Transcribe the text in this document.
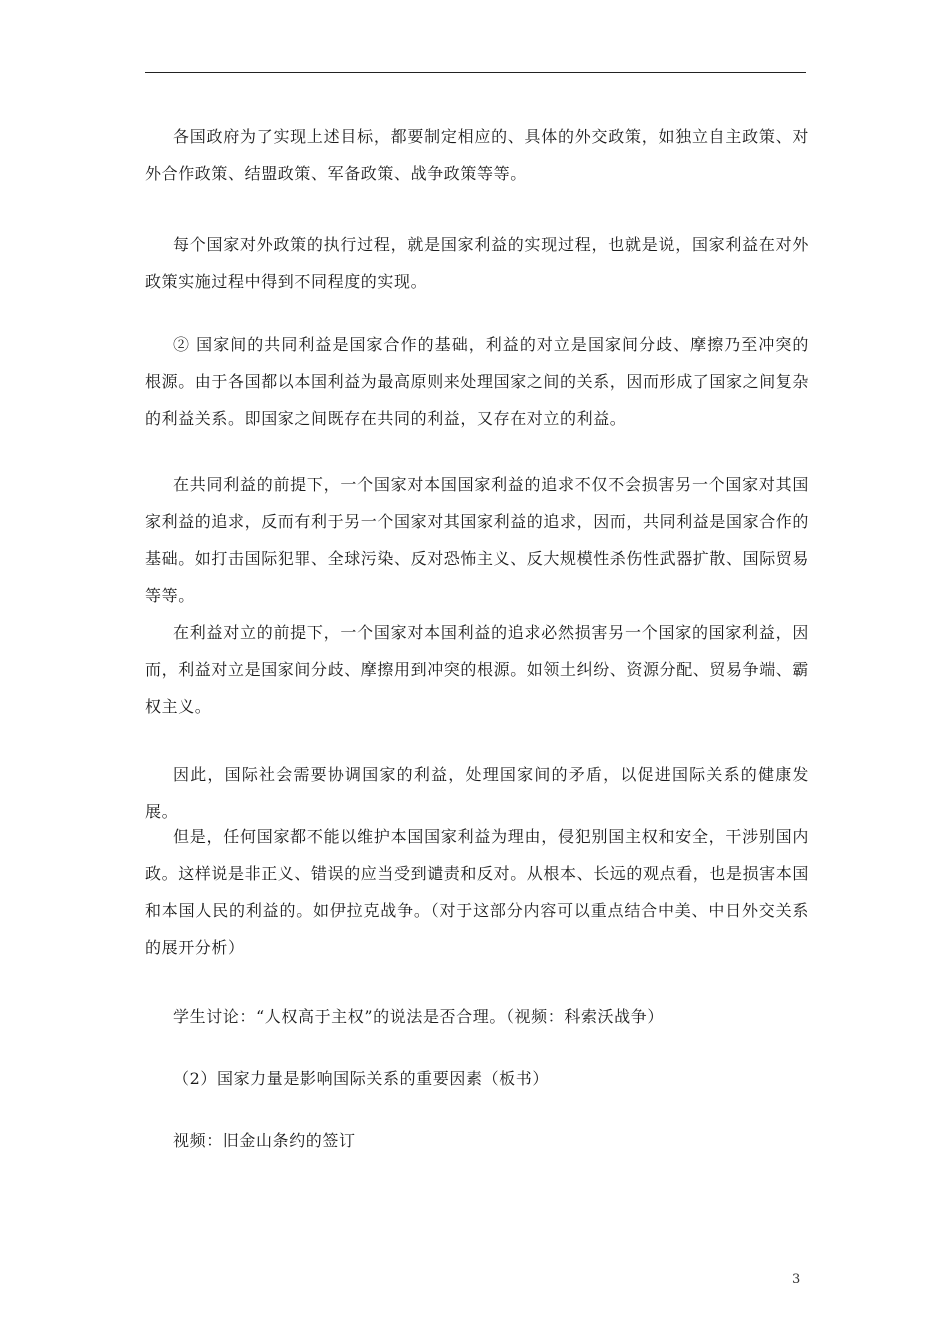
各国政府为了实现上述目标，都要制定相应的、具体的外交政策，如独立自主政策、对外合作政策、结盟政策、军备政策、战争政策等等。

每个国家对外政策的执行过程，就是国家利益的实现过程，也就是说，国家利益在对外政策实施过程中得到不同程度的实现。

② 国家间的共同利益是国家合作的基础，利益的对立是国家间分歧、摩擦乃至冲突的根源。由于各国都以本国利益为最高原则来处理国家之间的关系，因而形成了国家之间复杂的利益关系。即国家之间既存在共同的利益，又存在对立的利益。

在共同利益的前提下，一个国家对本国国家利益的追求不仅不会损害另一个国家对其国家利益的追求，反而有利于另一个国家对其国家利益的追求，因而，共同利益是国家合作的基础。如打击国际犯罪、全球污染、反对恐怖主义、反大规模性杀伤性武器扩散、国际贸易等等。

在利益对立的前提下，一个国家对本国利益的追求必然损害另一个国家的国家利益，因而，利益对立是国家间分歧、摩擦用到冲突的根源。如领土纠纷、资源分配、贸易争端、霸权主义。

因此，国际社会需要协调国家的利益，处理国家间的矛盾，以促进国际关系的健康发展。

但是，任何国家都不能以维护本国国家利益为理由，侵犯别国主权和安全，干涉别国内政。这样说是非正义、错误的应当受到谴责和反对。从根本、长远的观点看，也是损害本国和本国人民的利益的。如伊拉克战争。（对于这部分内容可以重点结合中美、中日外交关系的展开分析）

学生讨论：“人权高于主权”的说法是否合理。（视频：科索沃战争）

（2）国家力量是影响国际关系的重要因素（板书）

视频：旧金山条约的签订

3
